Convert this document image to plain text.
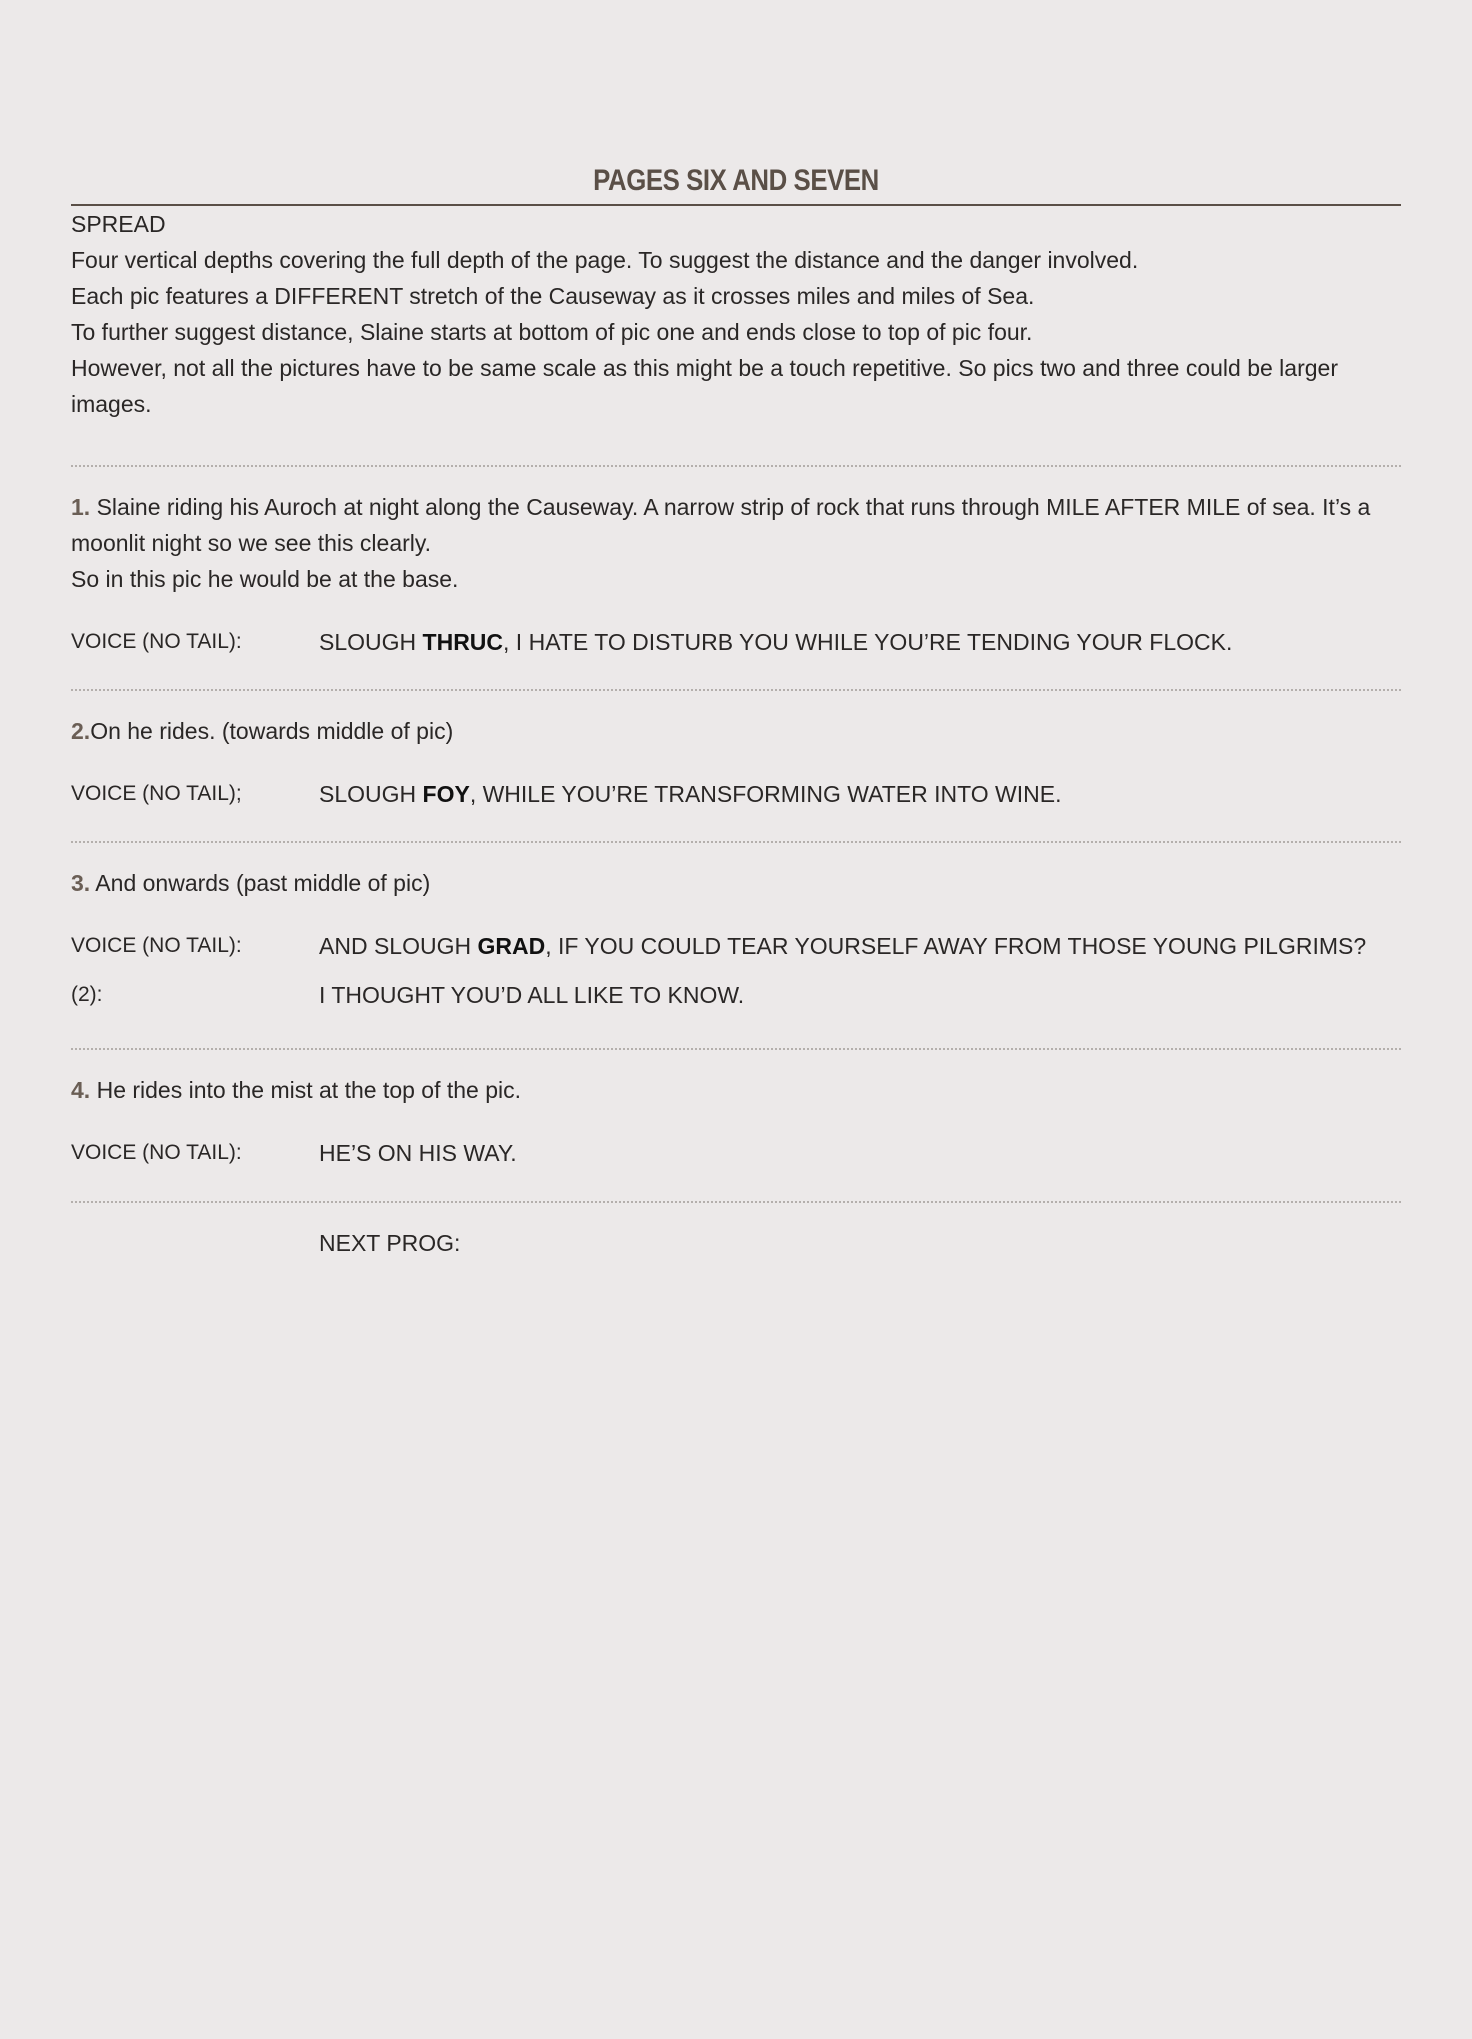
PAGES SIX AND SEVEN

SPREAD

Four vertical depths covering the full depth of the page. To suggest the distance and the danger involved.

Each pic features a DIFFERENT stretch of the Causeway as it crosses miles and miles of Sea.

To further suggest distance, Slaine starts at bottom of pic one and ends close to top of pic four.

However, not all the pictures have to be same scale as this might be a touch repetitive. So pics two and three could be larger images.

1. Slaine riding his Auroch at night along the Causeway. A narrow strip of rock that runs through MILE AFTER MILE of sea. It’s a moonlit night so we see this clearly.

So in this pic he would be at the base.

VOICE (NO TAIL):	SLOUGH THRUC, I HATE TO DISTURB YOU WHILE YOU’RE TENDING YOUR FLOCK.

2.On he rides. (towards middle of pic)

VOICE (NO TAIL);	SLOUGH FOY, WHILE YOU’RE TRANSFORMING WATER INTO WINE.

3. And onwards (past middle of pic)

VOICE (NO TAIL):	AND SLOUGH GRAD, IF YOU COULD TEAR YOURSELF AWAY FROM THOSE YOUNG PILGRIMS?
(2):	I THOUGHT YOU’D ALL LIKE TO KNOW.

4. He rides into the mist at the top of the pic.

VOICE (NO TAIL):	HE’S ON HIS WAY.
NEXT PROG:
